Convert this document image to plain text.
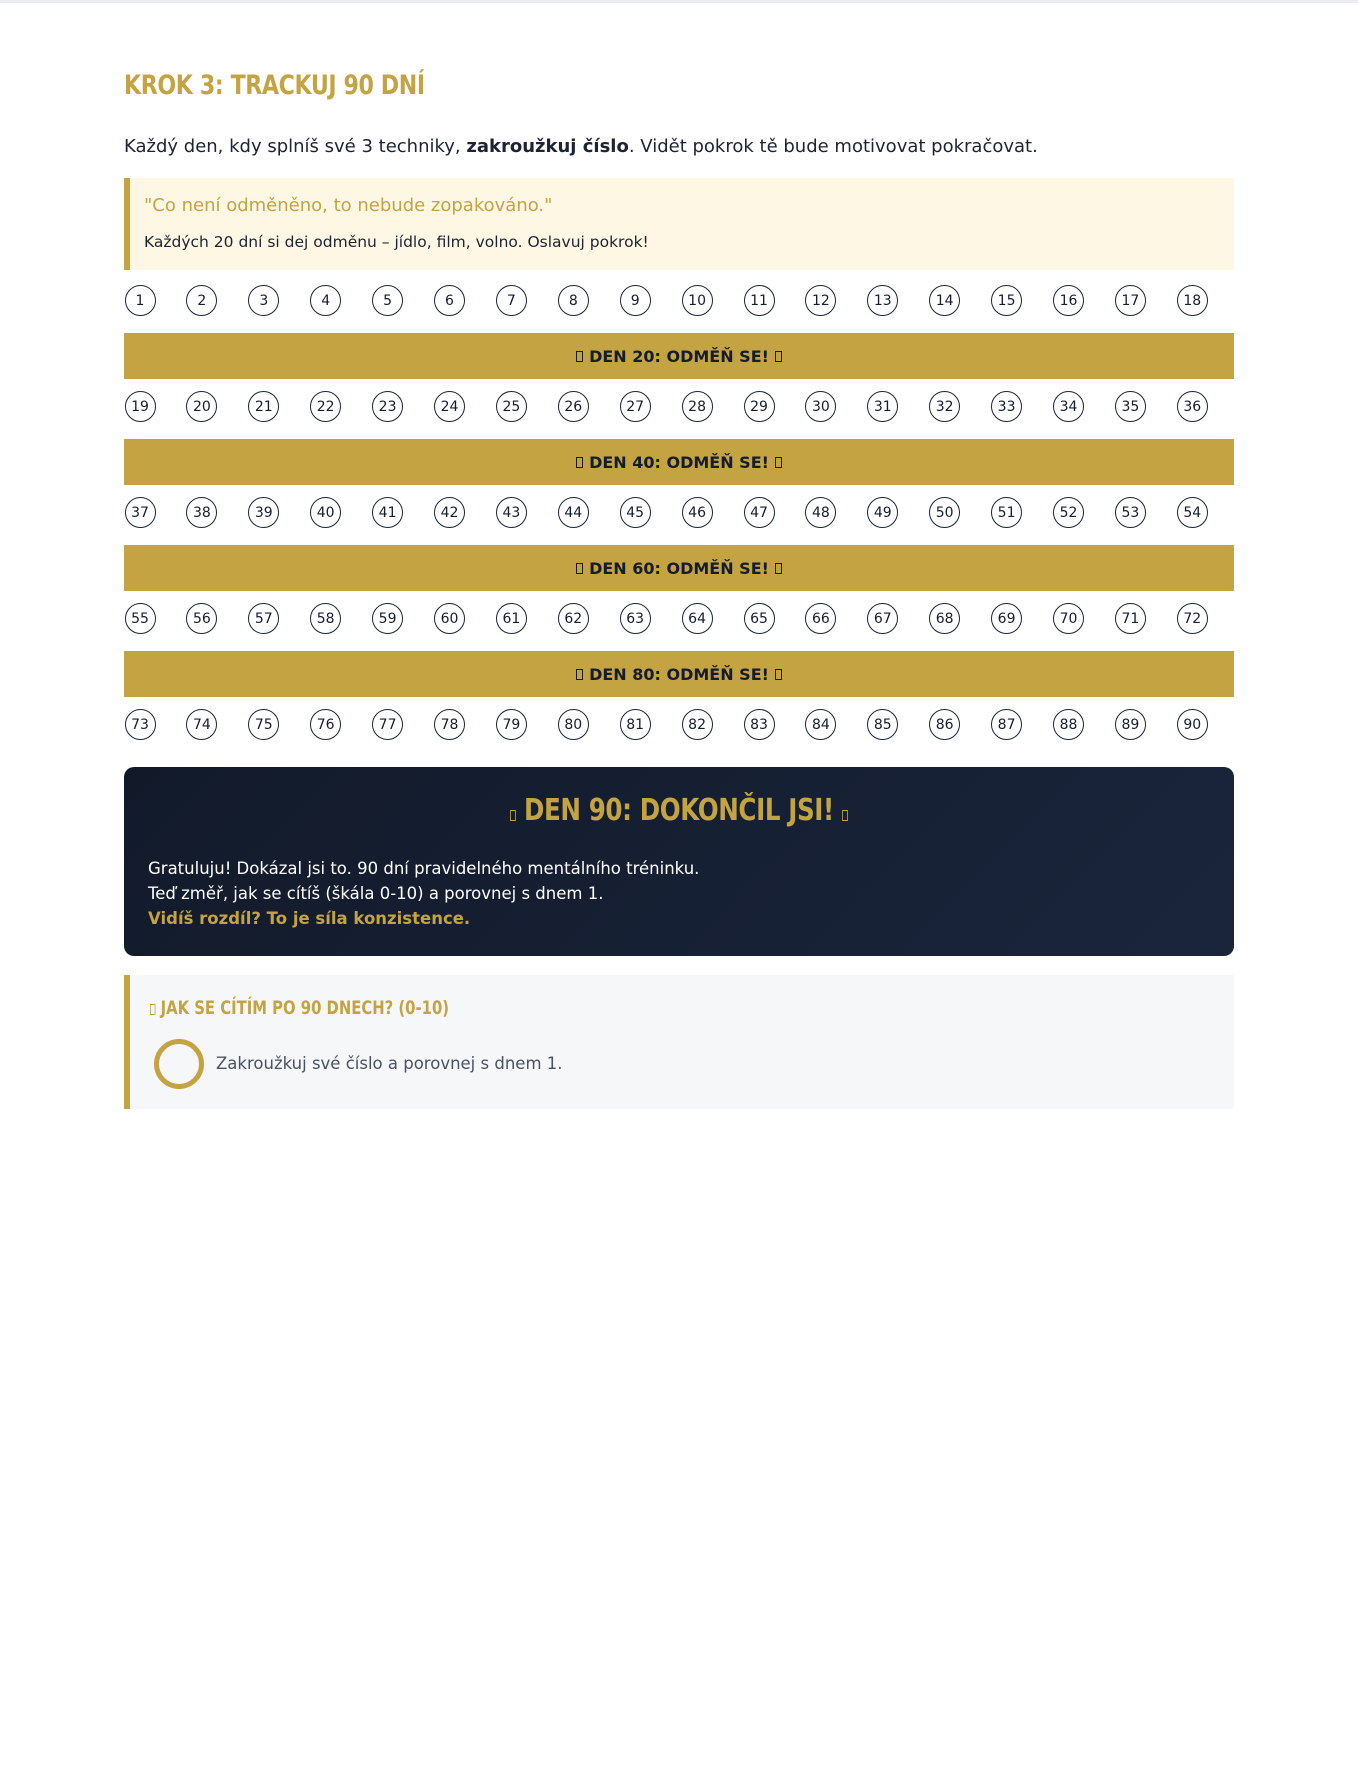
KROK 3: TRACKUJ 90 DNÍ

Každý den, kdy splníš své 3 techniky, zakroužkuj číslo. Vidět pokrok tě bude motivovat pokračovat.

"Co není odměněno, to nebude zopakováno."
Každých 20 dní si dej odměnu – jídlo, film, volno. Oslavuj pokrok!
1	2	3	4	5	6	7	8	9	10	11	12	13	14	15	16	17	18
DEN 20: ODMĚŇ SE!
19	20	21	22	23	24	25	26	27	28	29	30	31	32	33	34	35	36
DEN 40: ODMĚŇ SE!
37	38	39	40	41	42	43	44	45	46	47	48	49	50	51	52	53	54
DEN 60: ODMĚŇ SE!
55	56	57	58	59	60	61	62	63	64	65	66	67	68	69	70	71	72
DEN 80: ODMĚŇ SE!
73	74	75	76	77	78	79	80	81	82	83	84	85	86	87	88	89	90
DEN 90: DOKONČIL JSI!
Gratuluju! Dokázal jsi to. 90 dní pravidelného mentálního tréninku.
Teď změř, jak se cítíš (škála 0-10) a porovnej s dnem 1.
Vidíš rozdíl? To je síla konzistence.
JAK SE CÍTÍM PO 90 DNECH? (0-10)
Zakroužkuj své číslo a porovnej s dnem 1.
